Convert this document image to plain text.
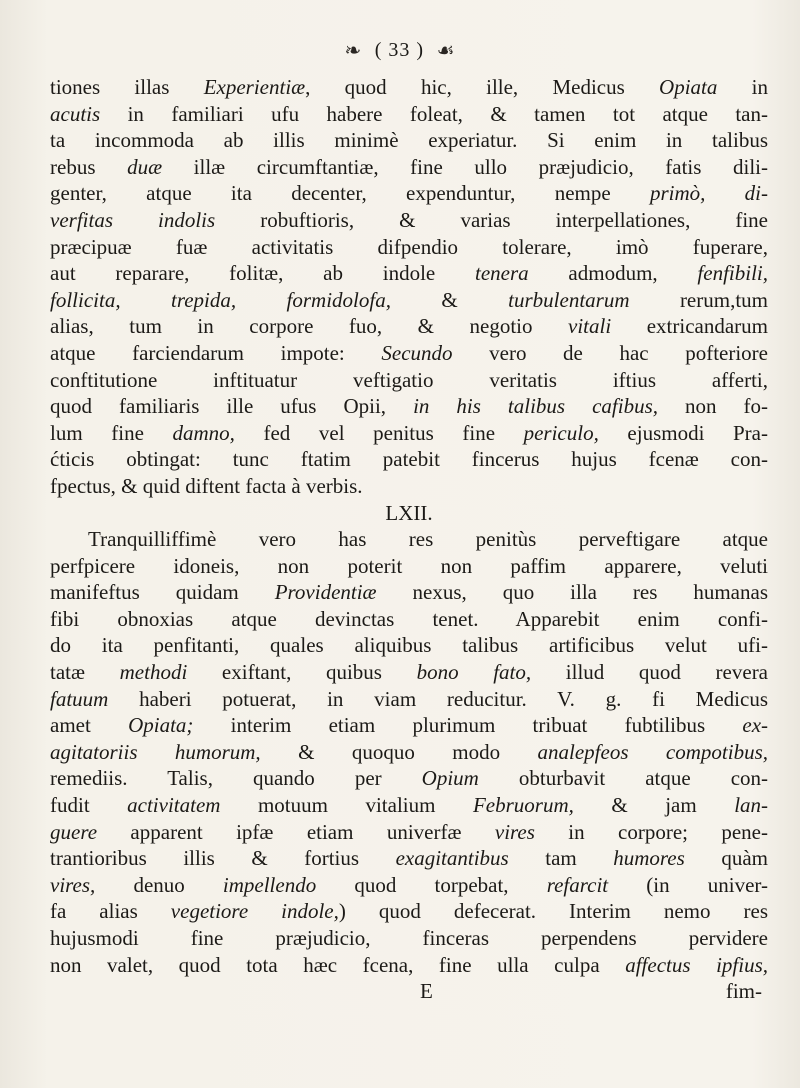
❧ ( 33 ) ☙
tiones illas Experientiæ, quod hic, ille, Medicus Opiata in
acutis in familiari ufu habere foleat, & tamen tot atque tan-
ta incommoda ab illis minimè experiatur. Si enim in talibus
rebus duæ illæ circumftantiæ, fine ullo præjudicio, fatis dili-
genter, atque ita decenter, expenduntur, nempe primò, di-
verfitas indolis robuftioris, & varias interpellationes, fine
præcipuæ fuæ activitatis difpendio tolerare, imò fuperare,
aut reparare, folitæ, ab indole tenera admodum, fenfibili,
follicita, trepida, formidolofa, & turbulentarum rerum,tum
alias, tum in corpore fuo, & negotio vitali extricandarum
atque farciendarum impote: Secundo vero de hac pofteriore
conftitutione inftituatur veftigatio veritatis iftius afferti,
quod familiaris ille ufus Opii, in his talibus cafibus, non fo-
lum fine damno, fed vel penitus fine periculo, ejusmodi Pra-
ćticis obtingat: tunc ftatim patebit fincerus hujus fcenæ con-
fpectus, & quid diftent facta à verbis.
LXII.
Tranquilliffimè vero has res penitùs perveftigare atque
perfpicere idoneis, non poterit non paffim apparere, veluti
manifeftus quidam Providentiæ nexus, quo illa res humanas
fibi obnoxias atque devinctas tenet. Apparebit enim confi-
do ita penfitanti, quales aliquibus talibus artificibus velut ufi-
tatæ methodi exiftant, quibus bono fato, illud quod revera
fatuum haberi potuerat, in viam reducitur. V. g. fi Medicus
amet Opiata; interim etiam plurimum tribuat fubtilibus ex-
agitatoriis humorum, & quoquo modo analepfeos compotibus,
remediis. Talis, quando per Opium obturbavit atque con-
fudit activitatem motuum vitalium Februorum, & jam lan-
guere apparent ipfæ etiam univerfæ vires in corpore; pene-
trantioribus illis & fortius exagitantibus tam humores quàm
vires, denuo impellendo quod torpebat, refarcit (in univer-
fa alias vegetiore indole,) quod defecerat. Interim nemo res
hujusmodi fine præjudicio, finceras perpendens pervidere
non valet, quod tota hæc fcena, fine ulla culpa affectus ipfius,
E	fim-
